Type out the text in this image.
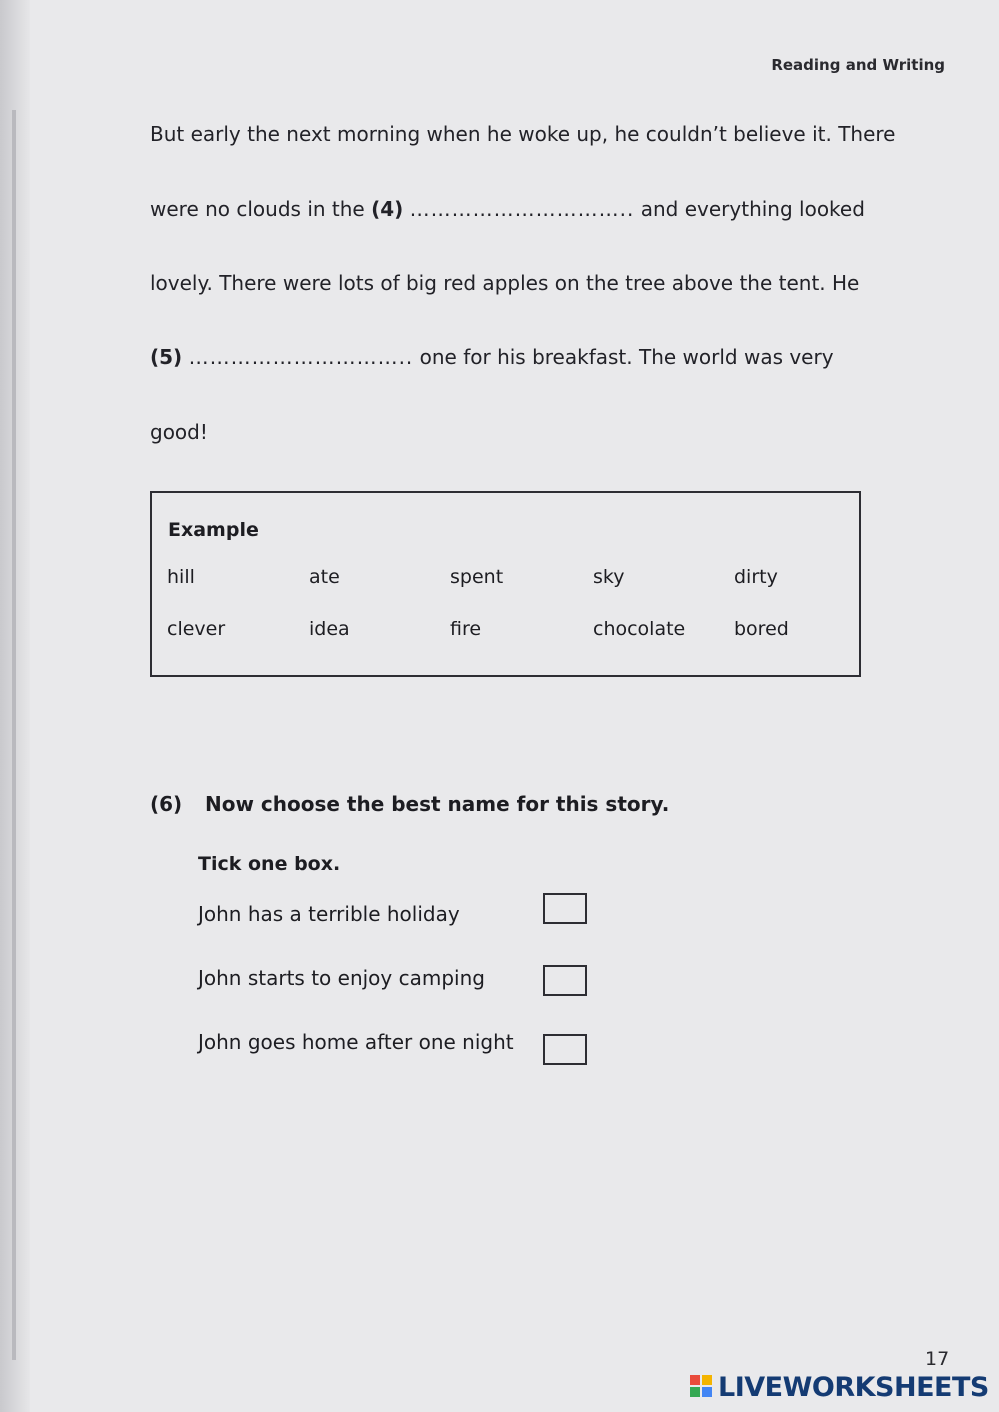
Reading and Writing
But early the next morning when he woke up, he couldn’t believe it. There
were no clouds in the (4) ………………………….. and everything looked
lovely. There were lots of big red apples on the tree above the tent. He
(5) ………………………….. one for his breakfast. The world was very
good!
Example
hill	ate	spent	sky	dirty
clever	idea	fire	chocolate	bored
(6) Now choose the best name for this story.
Tick one box.
John has a terrible holiday
John starts to enjoy camping
John goes home after one night
17
LIVEWORKSHEETS
